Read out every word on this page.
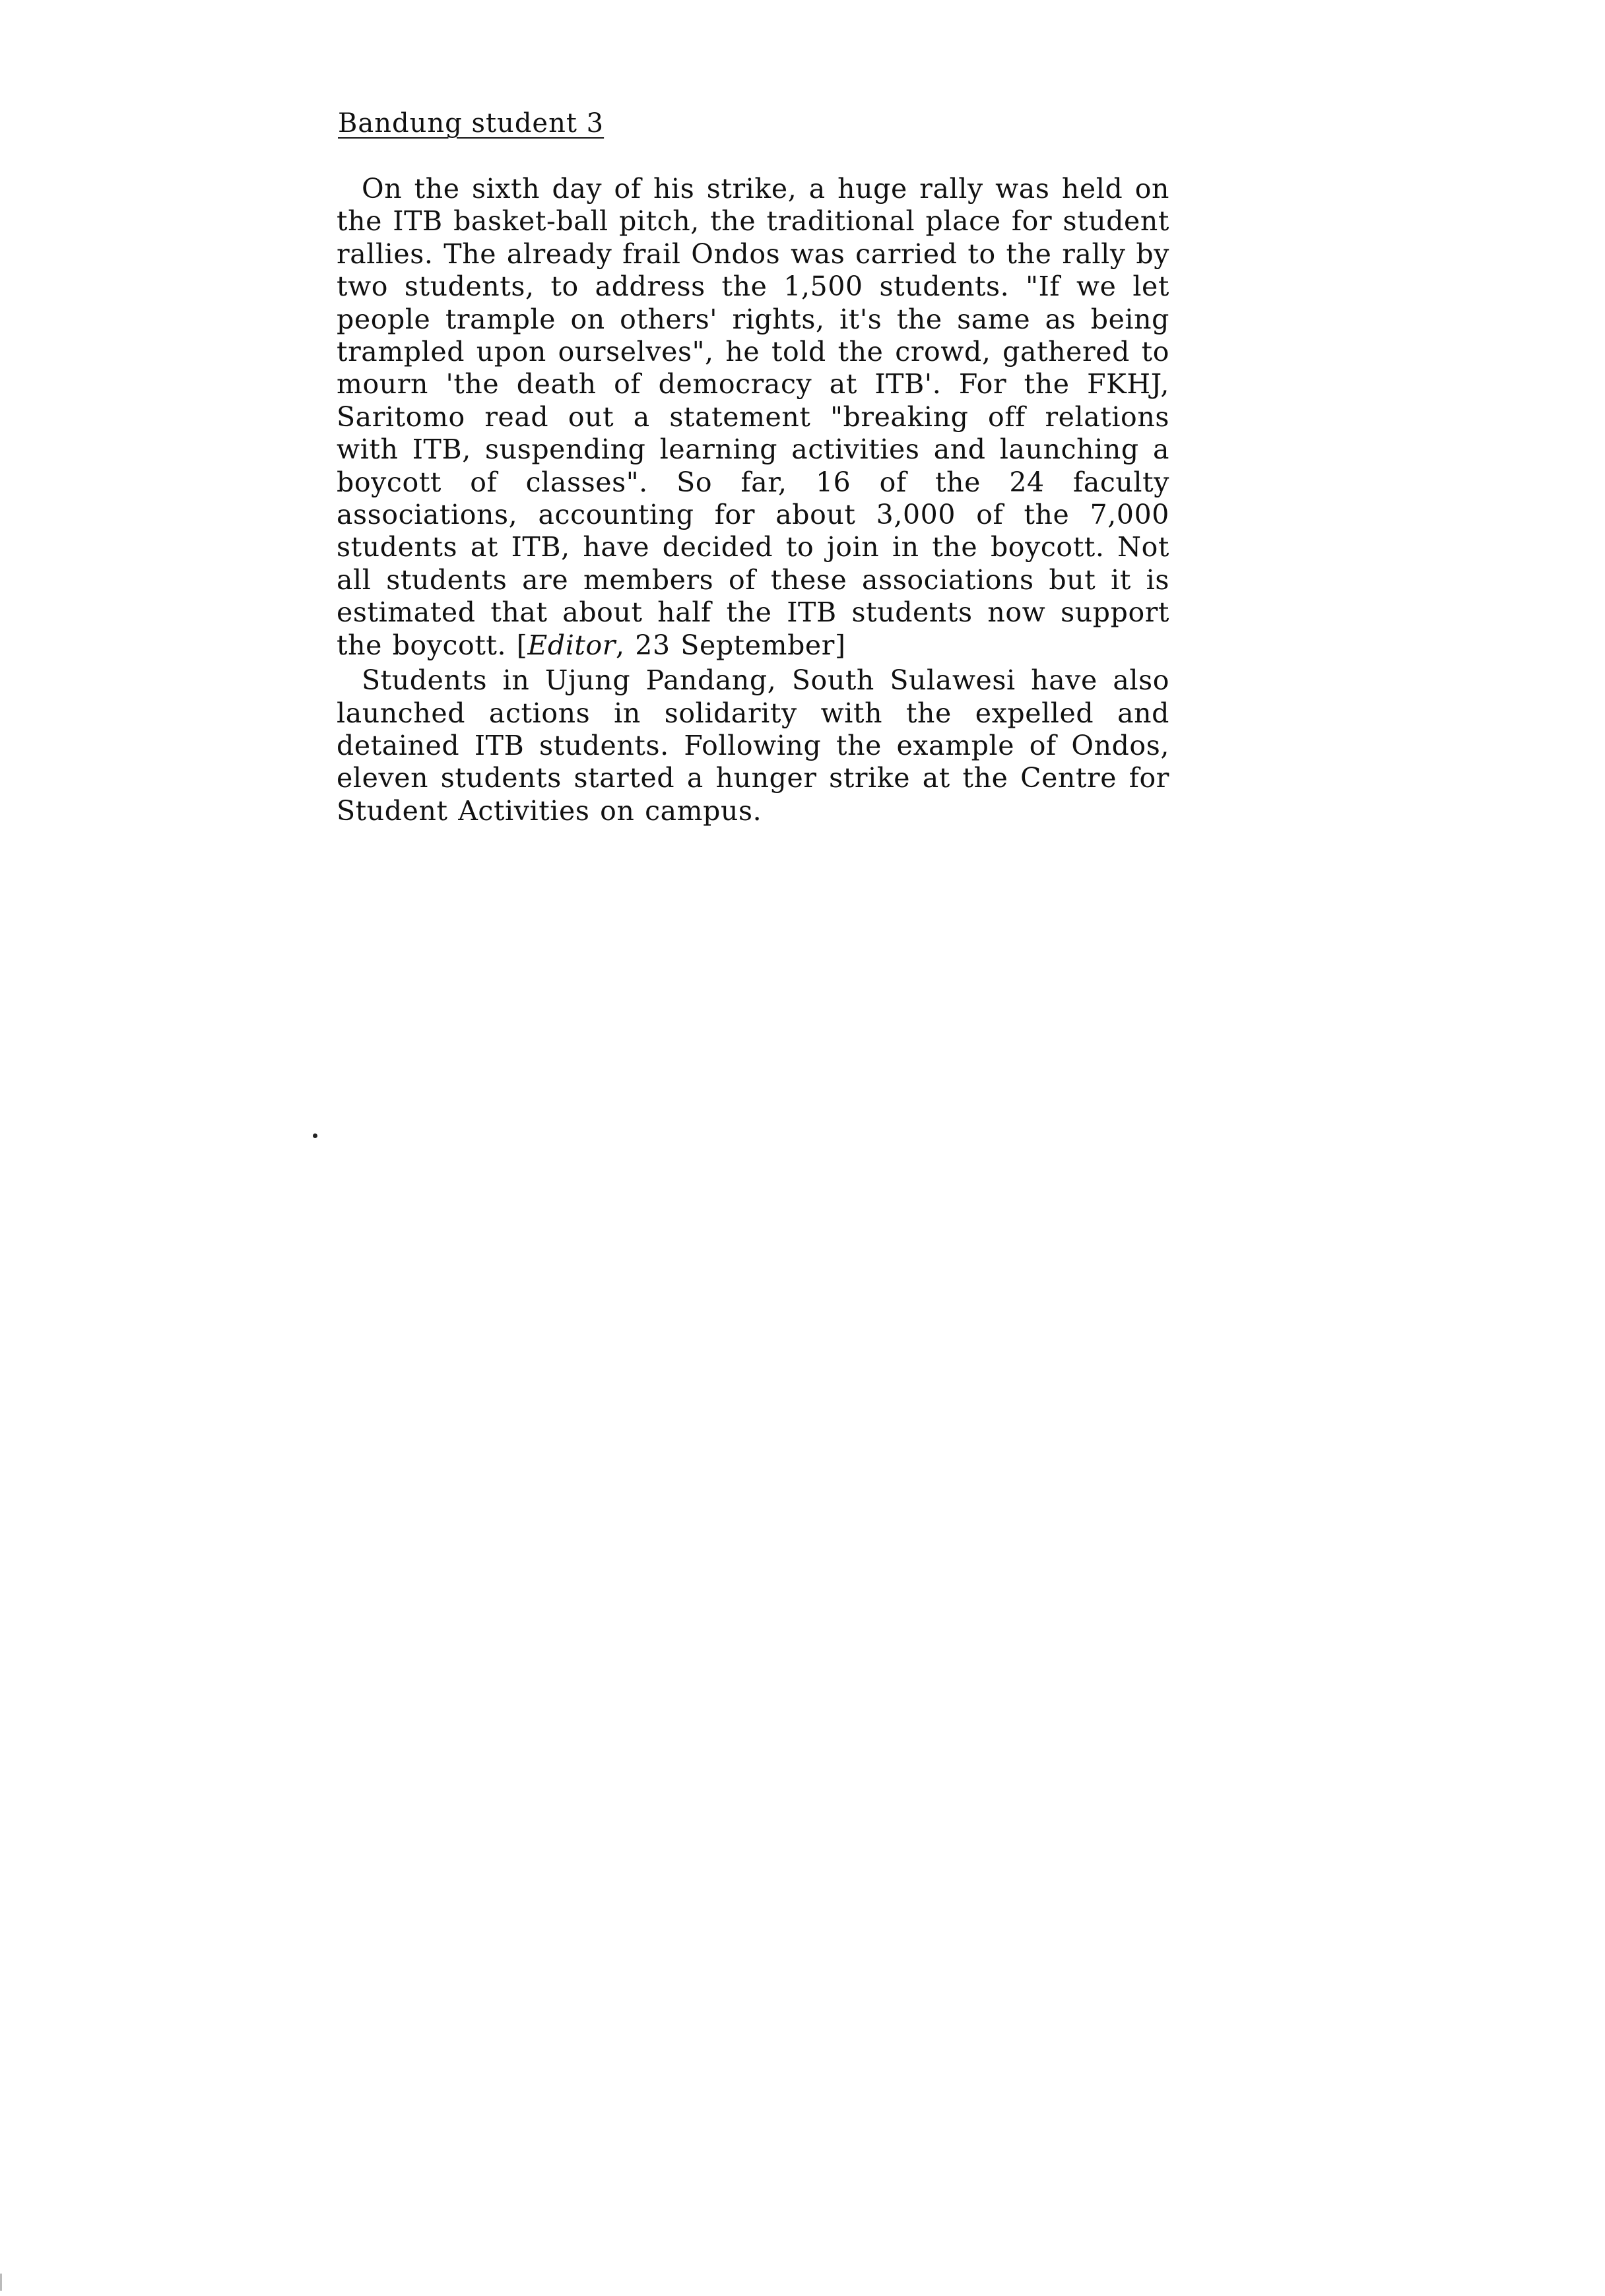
Bandung student 3

On the sixth day of his strike, a huge rally was held on the ITB basket-ball pitch, the traditional place for student rallies. The already frail Ondos was carried to the rally by two students, to address the 1,500 students. "If we let people trample on others' rights, it's the same as being trampled upon ourselves", he told the crowd, gathered to mourn 'the death of democracy at ITB'. For the FKHJ, Saritomo read out a statement "breaking off relations with ITB, suspending learning activities and launching a boycott of classes". So far, 16 of the 24 faculty associations, accounting for about 3,000 of the 7,000 students at ITB, have decided to join in the boycott. Not all students are members of these associations but it is estimated that about half the ITB students now support the boycott. [Editor, 23 September]

Students in Ujung Pandang, South Sulawesi have also launched actions in solidarity with the expelled and detained ITB students. Following the example of Ondos, eleven students started a hunger strike at the Centre for Student Activities on campus.
